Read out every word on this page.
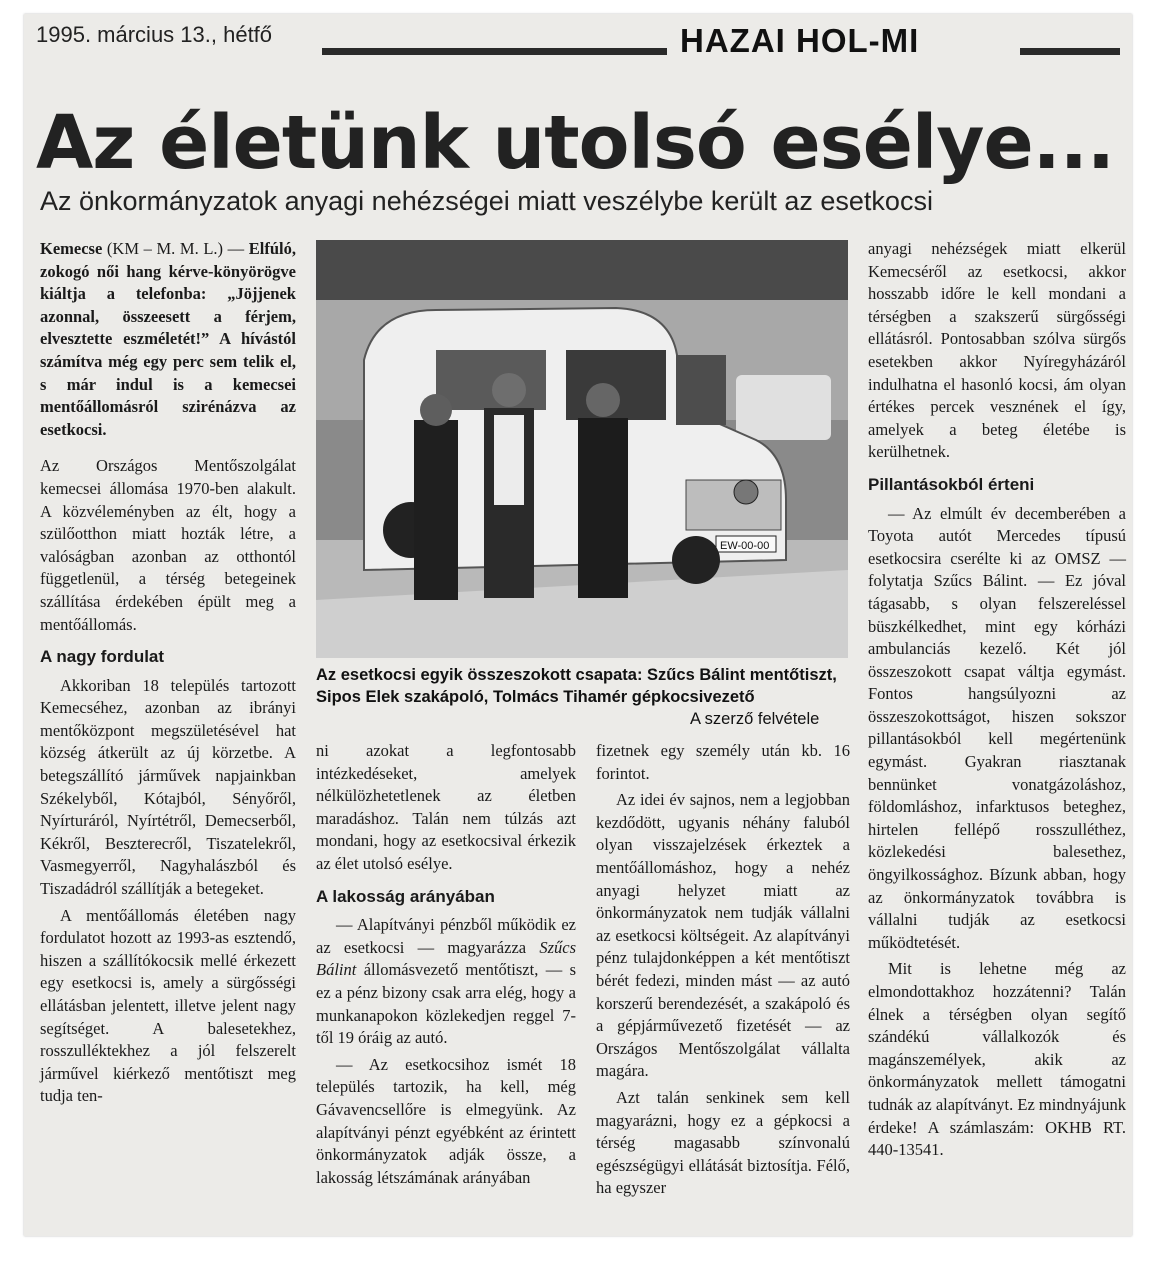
1995. március 13., hétfő	HAZAI HOL-MI
Az életünk utolsó esélye...
Az önkormányzatok anyagi nehézségei miatt veszélybe került az esetkocsi

Kemecse (KM – M. M. L.) — Elfúló, zokogó női hang kérve-könyörögve kiáltja a telefonba: „Jöjjenek azonnal, összeesett a férjem, elvesztette eszméletét!” A hívástól számítva még egy perc sem telik el, s már indul is a kemecsei mentőállomásról szirénázva az esetkocsi.

Az Országos Mentőszolgálat kemecsei állomása 1970-ben alakult. A közvéleményben az élt, hogy a szülőotthon miatt hozták létre, a valóságban azonban az otthontól függetlenül, a térség betegeinek szállítása érdekében épült meg a mentőállomás.

A nagy fordulat

Akkoriban 18 település tartozott Kemecséhez, azonban az ibrányi mentőközpont megszületésével hat község átkerült az új körzetbe. A betegszállító járművek napjainkban Székelyből, Kótajból, Sényőről, Nyírturáról, Nyírtétről, Demecserből, Kékről, Beszterecről, Tiszatelekről, Vasmegyerről, Nagyhalászból és Tiszadádról szállítják a betegeket.

A mentőállomás életében nagy fordulatot hozott az 1993-as esztendő, hiszen a szállítókocsik mellé érkezett egy esetkocsi is, amely a sürgősségi ellátásban jelentett, illetve jelent nagy segítséget. A balesetekhez, rosszulléktekhez a jól felszerelt járművel kiérkező mentőtiszt meg tudja ten-

EW-00-00
Az esetkocsi egyik összeszokott csapata: Szűcs Bálint mentőtiszt, Sipos Elek szakápoló, Tolmács Tihamér gépkocsivezető
A szerző felvétele

ni azokat a legfontosabb intézkedéseket, amelyek nélkülözhetetlenek az életben maradáshoz. Talán nem túlzás azt mondani, hogy az esetkocsival érkezik az élet utolsó esélye.

A lakosság arányában

— Alapítványi pénzből működik ez az esetkocsi — magyarázza Szűcs Bálint állomásvezető mentőtiszt, — s ez a pénz bizony csak arra elég, hogy a munkanapokon közlekedjen reggel 7-től 19 óráig az autó.

— Az esetkocsihoz ismét 18 település tartozik, ha kell, még Gávavencsellőre is elmegyünk. Az alapítványi pénzt egyébként az érintett önkormányzatok adják össze, a lakosság létszámának arányában

fizetnek egy személy után kb. 16 forintot.

Az idei év sajnos, nem a legjobban kezdődött, ugyanis néhány faluból olyan visszajelzések érkeztek a mentőállomáshoz, hogy a nehéz anyagi helyzet miatt az önkormányzatok nem tudják vállalni az esetkocsi költségeit. Az alapítványi pénz tulajdonképpen a két mentőtiszt bérét fedezi, minden mást — az autó korszerű berendezését, a szakápoló és a gépjárművezető fizetését — az Országos Mentőszolgálat vállalta magára.

Azt talán senkinek sem kell magyarázni, hogy ez a gépkocsi a térség magasabb színvonalú egészségügyi ellátását biztosítja. Félő, ha egyszer

anyagi nehézségek miatt elkerül Kemecséről az esetkocsi, akkor hosszabb időre le kell mondani a térségben a szakszerű sürgősségi ellátásról. Pontosabban szólva sürgős esetekben akkor Nyíregyházáról indulhatna el hasonló kocsi, ám olyan értékes percek vesznének el így, amelyek a beteg életébe is kerülhetnek.

Pillantásokból érteni

— Az elmúlt év decemberében a Toyota autót Mercedes típusú esetkocsira cserélte ki az OMSZ — folytatja Szűcs Bálint. — Ez jóval tágasabb, s olyan felszereléssel büszkélkedhet, mint egy kórházi ambulanciás kezelő. Két jól összeszokott csapat váltja egymást. Fontos hangsúlyozni az összeszokottságot, hiszen sokszor pillantásokból kell megértenünk egymást. Gyakran riasztanak bennünket vonatgázoláshoz, földomláshoz, infarktusos beteghez, hirtelen fellépő rosszulléthez, közlekedési balesethez, öngyilkossághoz. Bízunk abban, hogy az önkormányzatok továbbra is vállalni tudják az esetkocsi működtetését.

Mit is lehetne még az elmondottakhoz hozzátenni? Talán élnek a térségben olyan segítő szándékú vállalkozók és magánszemélyek, akik az önkormányzatok mellett támogatni tudnák az alapítványt. Ez mindnyájunk érdeke! A számlaszám: OKHB RT. 440-13541.
